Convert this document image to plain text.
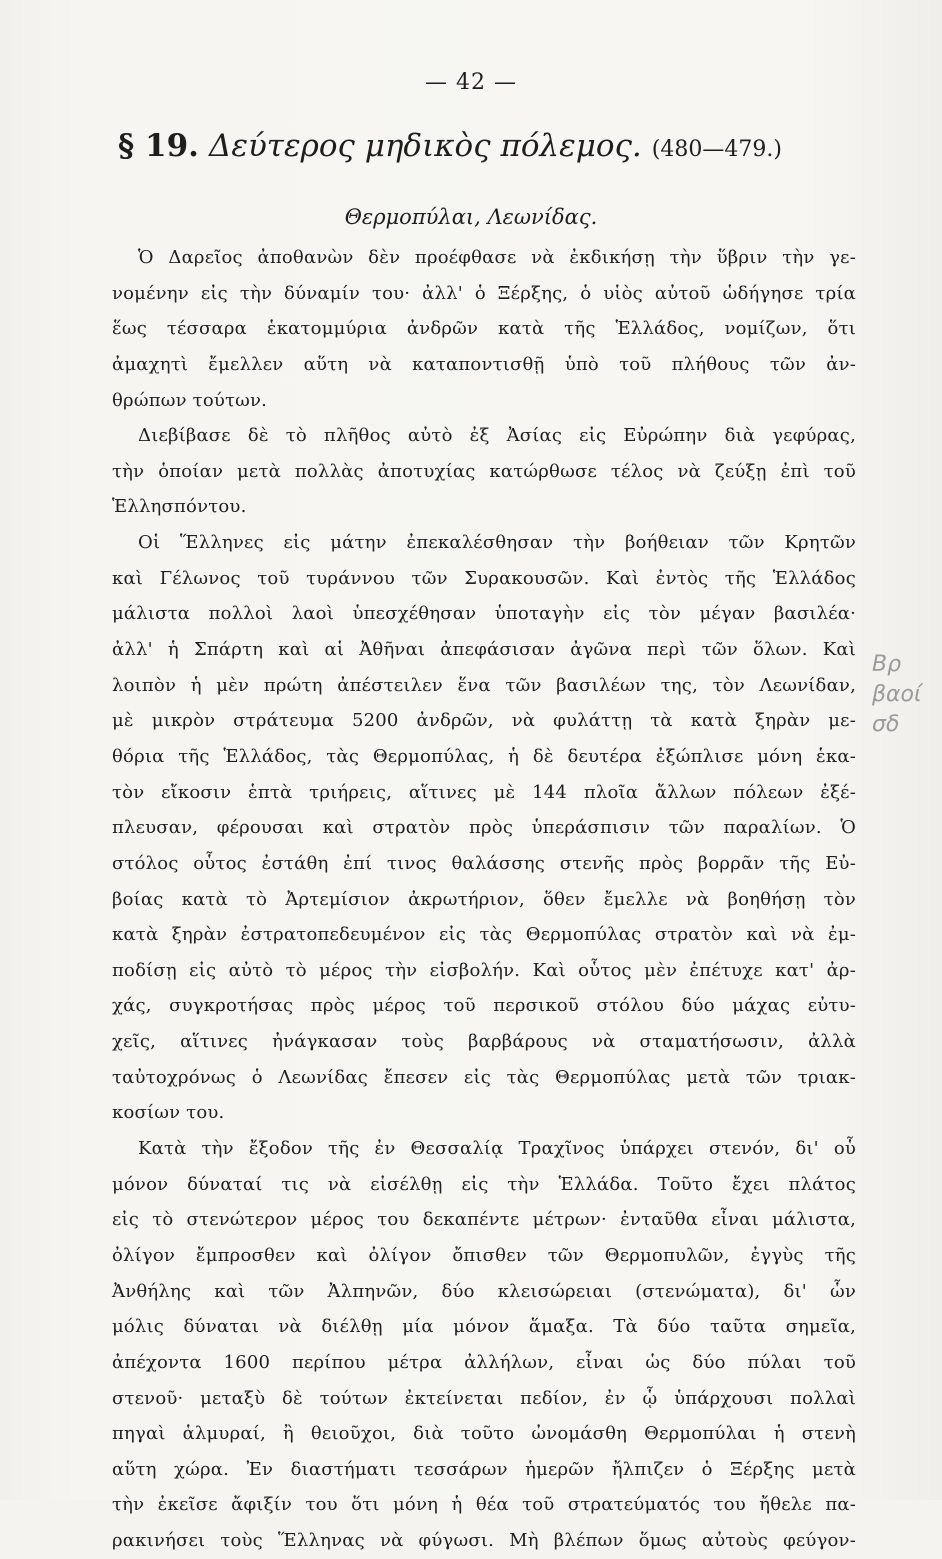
— 42 —
§ 19. Δεύτερος μηδικὸς πόλεμος. (480—479.)
Θερμοπύλαι, Λεωνίδας.
Ὁ Δαρεῖος ἀποθανὼν δὲν προέφθασε νὰ ἐκδικήσῃ τὴν ὕβριν τὴν γε-
νομένην εἰς τὴν δύναμίν του· ἀλλ' ὁ Ξέρξης, ὁ υἱὸς αὐτοῦ ὡδήγησε τρία
ἕως τέσσαρα ἑκατομμύρια ἀνδρῶν κατὰ τῆς Ἑλλάδος, νομίζων, ὅτι
ἀμαχητὶ ἔμελλεν αὕτη νὰ καταποντισθῇ ὑπὸ τοῦ πλήθους τῶν ἀν-
θρώπων τούτων.
Διεβίβασε δὲ τὸ πλῆθος αὐτὸ ἐξ Ἀσίας εἰς Εὐρώπην διὰ γεφύρας,
τὴν ὁποίαν μετὰ πολλὰς ἀποτυχίας κατώρθωσε τέλος νὰ ζεύξῃ ἐπὶ τοῦ
Ἑλλησπόντου.
Οἱ Ἕλληνες εἰς μάτην ἐπεκαλέσθησαν τὴν βοήθειαν τῶν Κρητῶν
καὶ Γέλωνος τοῦ τυράννου τῶν Συρακουσῶν. Καὶ ἐντὸς τῆς Ἑλλάδος
μάλιστα πολλοὶ λαοὶ ὑπεσχέθησαν ὑποταγὴν εἰς τὸν μέγαν βασιλέα·
ἀλλ' ἡ Σπάρτη καὶ αἱ Ἀθῆναι ἀπεφάσισαν ἀγῶνα περὶ τῶν ὅλων. Καὶ
λοιπὸν ἡ μὲν πρώτη ἀπέστειλεν ἕνα τῶν βασιλέων της, τὸν Λεωνίδαν,
μὲ μικρὸν στράτευμα 5200 ἀνδρῶν, νὰ φυλάττῃ τὰ κατὰ ξηρὰν με-
θόρια τῆς Ἑλλάδος, τὰς Θερμοπύλας, ἡ δὲ δευτέρα ἐξώπλισε μόνη ἑκα-
τὸν εἴκοσιν ἑπτὰ τριήρεις, αἵτινες μὲ 144 πλοῖα ἄλλων πόλεων ἐξέ-
πλευσαν, φέρουσαι καὶ στρατὸν πρὸς ὑπεράσπισιν τῶν παραλίων. Ὁ
στόλος οὗτος ἐστάθη ἐπί τινος θαλάσσης στενῆς πρὸς βορρᾶν τῆς Εὐ-
βοίας κατὰ τὸ Ἀρτεμίσιον ἀκρωτήριον, ὅθεν ἔμελλε νὰ βοηθήσῃ τὸν
κατὰ ξηρὰν ἐστρατοπεδευμένον εἰς τὰς Θερμοπύλας στρατὸν καὶ νὰ ἐμ-
ποδίσῃ εἰς αὐτὸ τὸ μέρος τὴν εἰσβολήν. Καὶ οὗτος μὲν ἐπέτυχε κατ' ἀρ-
χάς, συγκροτήσας πρὸς μέρος τοῦ περσικοῦ στόλου δύο μάχας εὐτυ-
χεῖς, αἵτινες ἠνάγκασαν τοὺς βαρβάρους νὰ σταματήσωσιν, ἀλλὰ
ταὐτοχρόνως ὁ Λεωνίδας ἔπεσεν εἰς τὰς Θερμοπύλας μετὰ τῶν τριακ-
κοσίων του.
Κατὰ τὴν ἔξοδον τῆς ἐν Θεσσαλίᾳ Τραχῖνος ὑπάρχει στενόν, δι' οὗ
μόνον δύναταί τις νὰ εἰσέλθῃ εἰς τὴν Ἑλλάδα. Τοῦτο ἔχει πλάτος
εἰς τὸ στενώτερον μέρος του δεκαπέντε μέτρων· ἐνταῦθα εἶναι μάλιστα,
ὀλίγον ἔμπροσθεν καὶ ὀλίγον ὄπισθεν τῶν Θερμοπυλῶν, ἐγγὺς τῆς
Ἀνθήλης καὶ τῶν Ἀλπηνῶν, δύο κλεισώρειαι (στενώματα), δι' ὧν
μόλις δύναται νὰ διέλθῃ μία μόνον ἅμαξα. Τὰ δύο ταῦτα σημεῖα,
ἀπέχοντα 1600 περίπου μέτρα ἀλλήλων, εἶναι ὡς δύο πύλαι τοῦ
στενοῦ· μεταξὺ δὲ τούτων ἐκτείνεται πεδίον, ἐν ᾧ ὑπάρχουσι πολλαὶ
πηγαὶ ἁλμυραί, ἢ θειοῦχοι, διὰ τοῦτο ὠνομάσθη Θερμοπύλαι ἡ στενὴ
αὕτη χώρα. Ἐν διαστήματι τεσσάρων ἡμερῶν ἤλπιζεν ὁ Ξέρξης μετὰ
τὴν ἐκεῖσε ἄφιξίν του ὅτι μόνη ἡ θέα τοῦ στρατεύματός του ἤθελε πα-
ρακινήσει τοὺς Ἕλληνας νὰ φύγωσι. Μὴ βλέπων ὅμως αὐτοὺς φεύγον-
Βρ
βαοί
σδ
